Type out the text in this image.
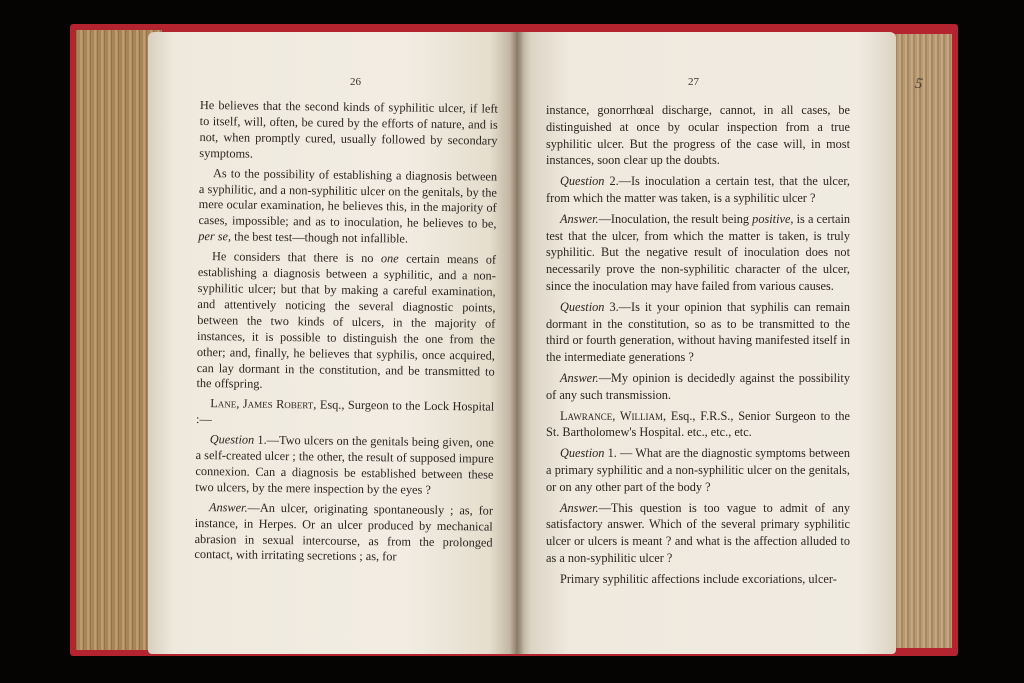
26

He believes that the second kinds of syphilitic ulcer, if left to itself, will, often, be cured by the efforts of nature, and is not, when promptly cured, usually followed by secondary symptoms.

As to the possibility of establishing a diagnosis between a syphilitic, and a non-syphilitic ulcer on the genitals, by the mere ocular examination, he believes this, in the majority of cases, impossible; and as to inoculation, he believes to be, per se, the best test—though not infallible.

He considers that there is no one certain means of establishing a diagnosis between a syphilitic, and a non-syphilitic ulcer; but that by making a careful examination, and attentively noticing the several diagnostic points, between the two kinds of ulcers, in the majority of instances, it is possible to distinguish the one from the other; and, finally, he believes that syphilis, once acquired, can lay dormant in the constitution, and be transmitted to the offspring.

Lane, James Robert, Esq., Surgeon to the Lock Hospital :—

Question 1.—Two ulcers on the genitals being given, one a self-created ulcer ; the other, the result of supposed impure connexion. Can a diagnosis be established between these two ulcers, by the mere inspection by the eyes ?

Answer.—An ulcer, originating spontaneously ; as, for instance, in Herpes. Or an ulcer produced by mechanical abrasion in sexual intercourse, as from the prolonged contact, with irritating secretions ; as, for

27

instance, gonorrhœal discharge, cannot, in all cases, be distinguished at once by ocular inspection from a true syphilitic ulcer. But the progress of the case will, in most instances, soon clear up the doubts.

Question 2.—Is inoculation a certain test, that the ulcer, from which the matter was taken, is a syphilitic ulcer ?

Answer.—Inoculation, the result being positive, is a certain test that the ulcer, from which the matter is taken, is truly syphilitic. But the negative result of inoculation does not necessarily prove the non-syphilitic character of the ulcer, since the inoculation may have failed from various causes.

Question 3.—Is it your opinion that syphilis can remain dormant in the constitution, so as to be transmitted to the third or fourth generation, without having manifested itself in the intermediate generations ?

Answer.—My opinion is decidedly against the possibility of any such transmission.

Lawrance, William, Esq., F.R.S., Senior Surgeon to the St. Bartholomew's Hospital. etc., etc., etc.

Question 1. — What are the diagnostic symptoms between a primary syphilitic and a non-syphilitic ulcer on the genitals, or on any other part of the body ?

Answer.—This question is too vague to admit of any satisfactory answer. Which of the several primary syphilitic ulcer or ulcers is meant ? and what is the affection alluded to as a non-syphilitic ulcer ?

Primary syphilitic affections include excoriations, ulcer-

5
